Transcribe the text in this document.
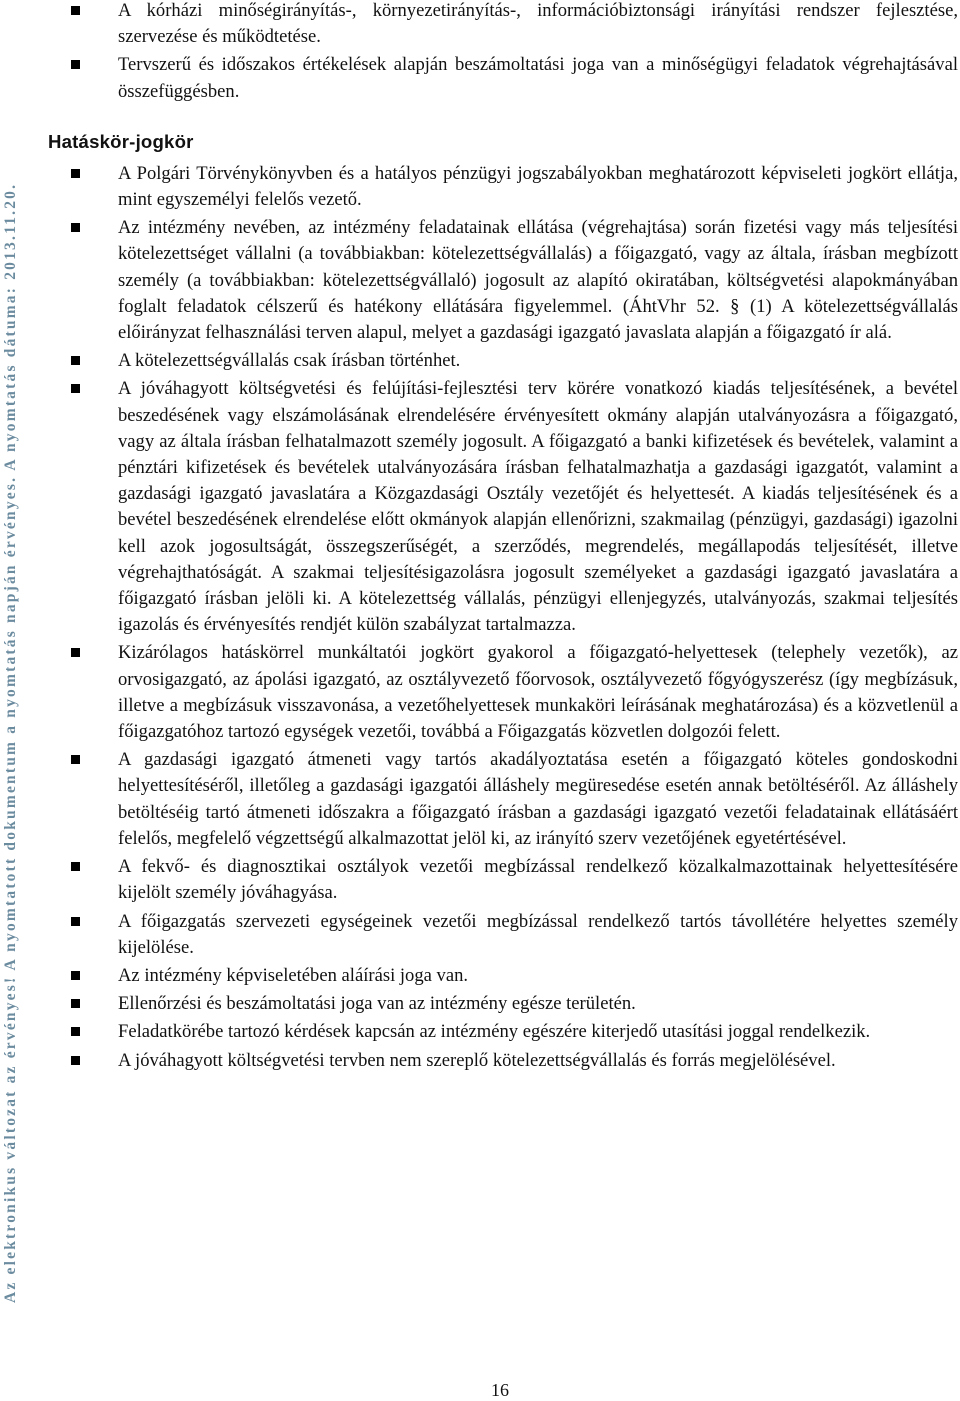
Az elektronikus változat az érvényes! A nyomtatott dokumentum a nyomtatás napján érvényes. A nyomtatás dátuma: 2013.11.20.
A kórházi minőségirányítás-, környezetirányítás-, információbiztonsági irányítási rendszer fejlesztése, szervezése és működtetése.
Tervszerű és időszakos értékelések alapján beszámoltatási joga van a minőségügyi feladatok végrehajtásával összefüggésben.
Hatáskör-jogkör
A Polgári Törvénykönyvben és a hatályos pénzügyi jogszabályokban meghatározott képviseleti jogkört ellátja, mint egyszemélyi felelős vezető.
Az intézmény nevében, az intézmény feladatainak ellátása (végrehajtása) során fizetési vagy más teljesítési kötelezettséget vállalni (a továbbiakban: kötelezettségvállalás) a főigazgató, vagy az általa, írásban megbízott személy (a továbbiakban: kötelezettségvállaló) jogosult az alapító okiratában, költségvetési alapokmányában foglalt feladatok célszerű és hatékony ellátására figyelemmel. (ÁhtVhr 52. § (1) A kötelezettségvállalás előirányzat felhasználási terven alapul, melyet a gazdasági igazgató javaslata alapján a főigazgató ír alá.
A kötelezettségvállalás csak írásban történhet.
A jóváhagyott költségvetési és felújítási-fejlesztési terv körére vonatkozó kiadás teljesítésének, a bevétel beszedésének vagy elszámolásának elrendelésére érvényesített okmány alapján utalványozásra a főigazgató, vagy az általa írásban felhatalmazott személy jogosult. A főigazgató a banki kifizetések és bevételek, valamint a pénztári kifizetések és bevételek utalványozására írásban felhatalmazhatja a gazdasági igazgatót, valamint a gazdasági igazgató javaslatára a Közgazdasági Osztály vezetőjét és helyettesét. A kiadás teljesítésének és a bevétel beszedésének elrendelése előtt okmányok alapján ellenőrizni, szakmailag (pénzügyi, gazdasági) igazolni kell azok jogosultságát, összegszerűségét, a szerződés, megrendelés, megállapodás teljesítését, illetve végrehajthatóságát. A szakmai teljesítésigazolásra jogosult személyeket a gazdasági igazgató javaslatára a főigazgató írásban jelöli ki. A kötelezettség vállalás, pénzügyi ellenjegyzés, utalványozás, szakmai teljesítés igazolás és érvényesítés rendjét külön szabályzat tartalmazza.
Kizárólagos hatáskörrel munkáltatói jogkört gyakorol a főigazgató-helyettesek (telephely vezetők), az orvosigazgató, az ápolási igazgató, az osztályvezető főorvosok, osztályvezető főgyógyszerész (így megbízásuk, illetve a megbízásuk visszavonása, a vezetőhelyettesek munkaköri leírásának meghatározása) és a közvetlenül a főigazgatóhoz tartozó egységek vezetői, továbbá a Főigazgatás közvetlen dolgozói felett.
A gazdasági igazgató átmeneti vagy tartós akadályoztatása esetén a főigazgató köteles gondoskodni helyettesítéséről, illetőleg a gazdasági igazgatói álláshely megüresedése esetén annak betöltéséről. Az álláshely betöltéséig tartó átmeneti időszakra a főigazgató írásban a gazdasági igazgató vezetői feladatainak ellátásáért felelős, megfelelő végzettségű alkalmazottat jelöl ki, az irányító szerv vezetőjének egyetértésével.
A fekvő- és diagnosztikai osztályok vezetői megbízással rendelkező közalkalmazottainak helyettesítésére kijelölt személy jóváhagyása.
A főigazgatás szervezeti egységeinek vezetői megbízással rendelkező tartós távollétére helyettes személy kijelölése.
Az intézmény képviseletében aláírási joga van.
Ellenőrzési és beszámoltatási joga van az intézmény egésze területén.
Feladatkörébe tartozó kérdések kapcsán az intézmény egészére kiterjedő utasítási joggal rendelkezik.
A jóváhagyott költségvetési tervben nem szereplő kötelezettségvállalás és forrás megjelölésével.
16
